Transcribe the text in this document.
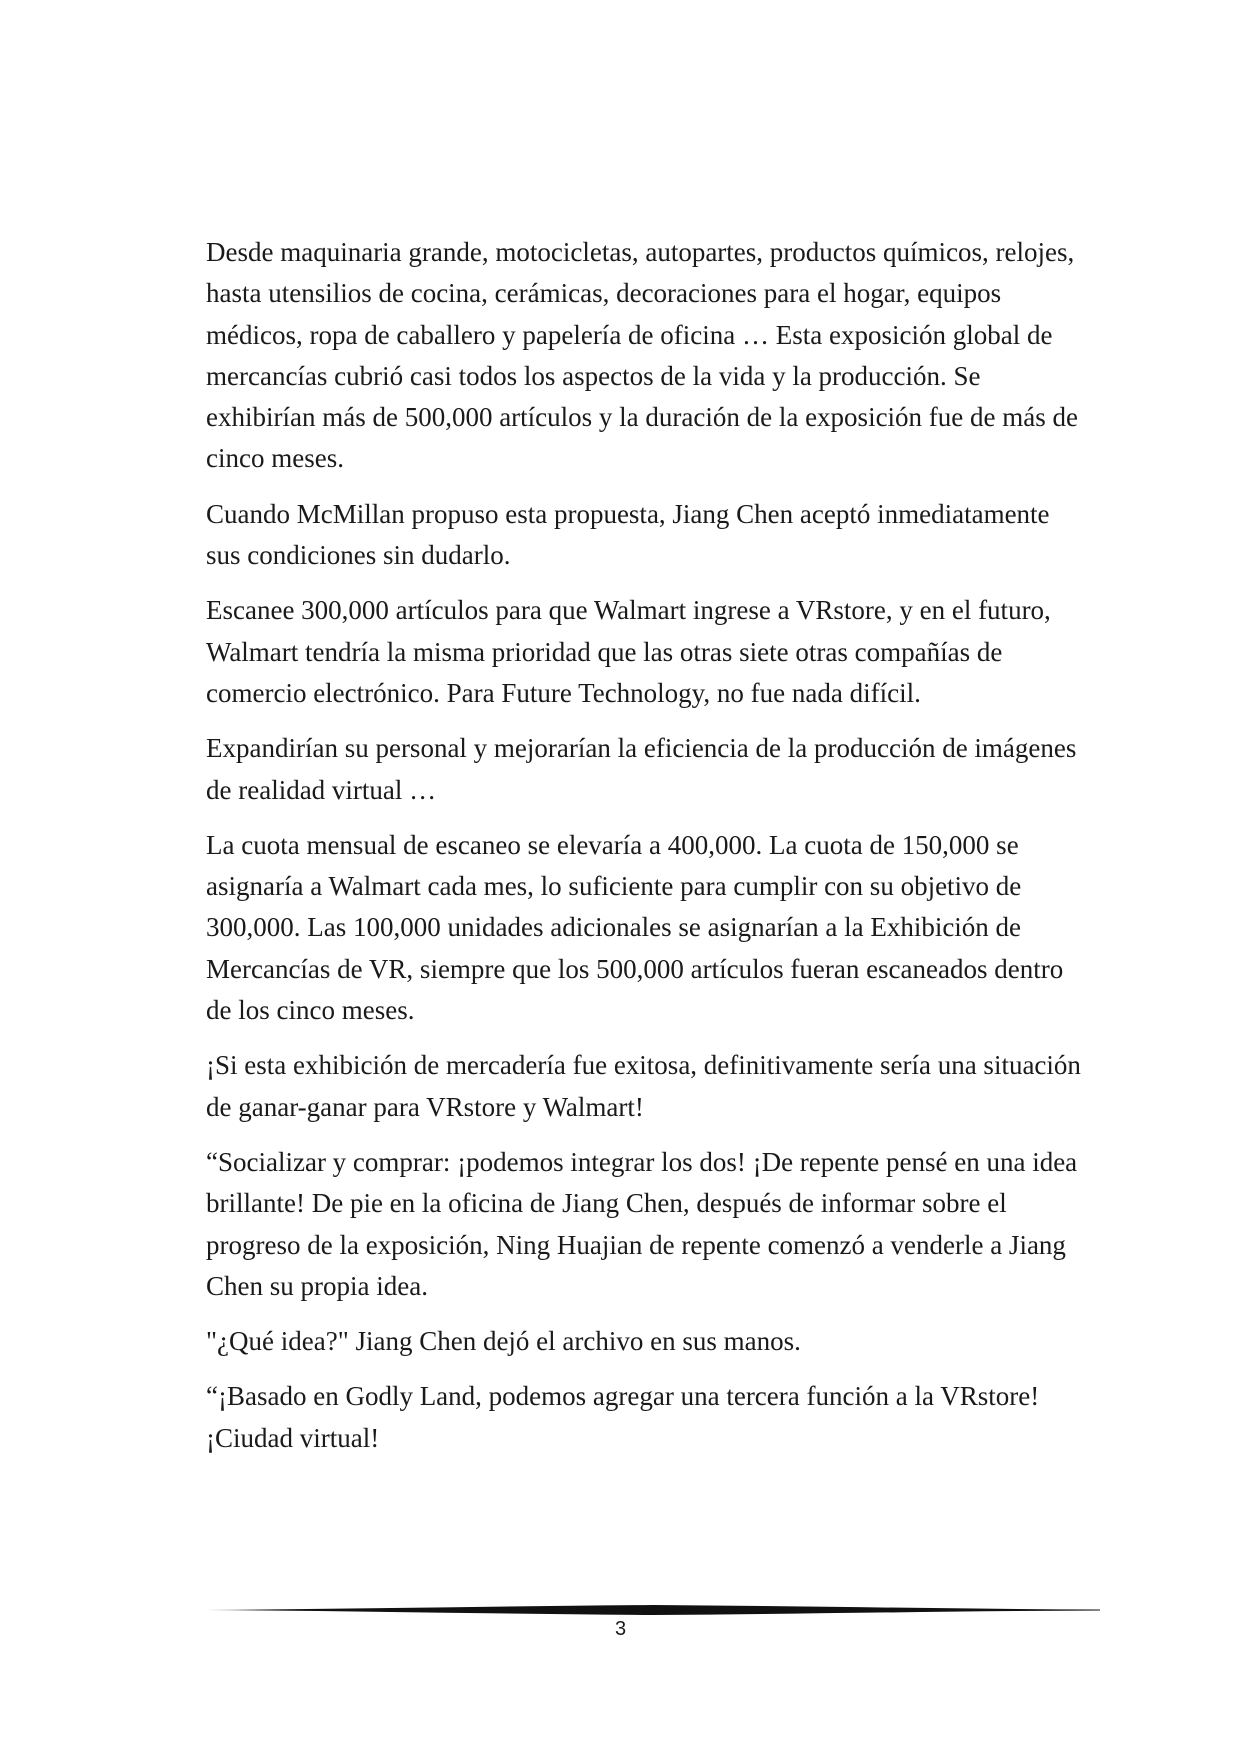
Desde maquinaria grande, motocicletas, autopartes, productos químicos, relojes, hasta utensilios de cocina, cerámicas, decoraciones para el hogar, equipos médicos, ropa de caballero y papelería de oficina … Esta exposición global de mercancías cubrió casi todos los aspectos de la vida y la producción. Se exhibirían más de 500,000 artículos y la duración de la exposición fue de más de cinco meses.

Cuando McMillan propuso esta propuesta, Jiang Chen aceptó inmediatamente sus condiciones sin dudarlo.

Escanee 300,000 artículos para que Walmart ingrese a VRstore, y en el futuro, Walmart tendría la misma prioridad que las otras siete otras compañías de comercio electrónico. Para Future Technology, no fue nada difícil.

Expandirían su personal y mejorarían la eficiencia de la producción de imágenes de realidad virtual …

La cuota mensual de escaneo se elevaría a 400,000. La cuota de 150,000 se asignaría a Walmart cada mes, lo suficiente para cumplir con su objetivo de 300,000. Las 100,000 unidades adicionales se asignarían a la Exhibición de Mercancías de VR, siempre que los 500,000 artículos fueran escaneados dentro de los cinco meses.

¡Si esta exhibición de mercadería fue exitosa, definitivamente sería una situación de ganar-ganar para VRstore y Walmart!

“Socializar y comprar: ¡podemos integrar los dos! ¡De repente pensé en una idea brillante! De pie en la oficina de Jiang Chen, después de informar sobre el progreso de la exposición, Ning Huajian de repente comenzó a venderle a Jiang Chen su propia idea.

"¿Qué idea?" Jiang Chen dejó el archivo en sus manos.

“¡Basado en Godly Land, podemos agregar una tercera función a la VRstore! ¡Ciudad virtual!

3
